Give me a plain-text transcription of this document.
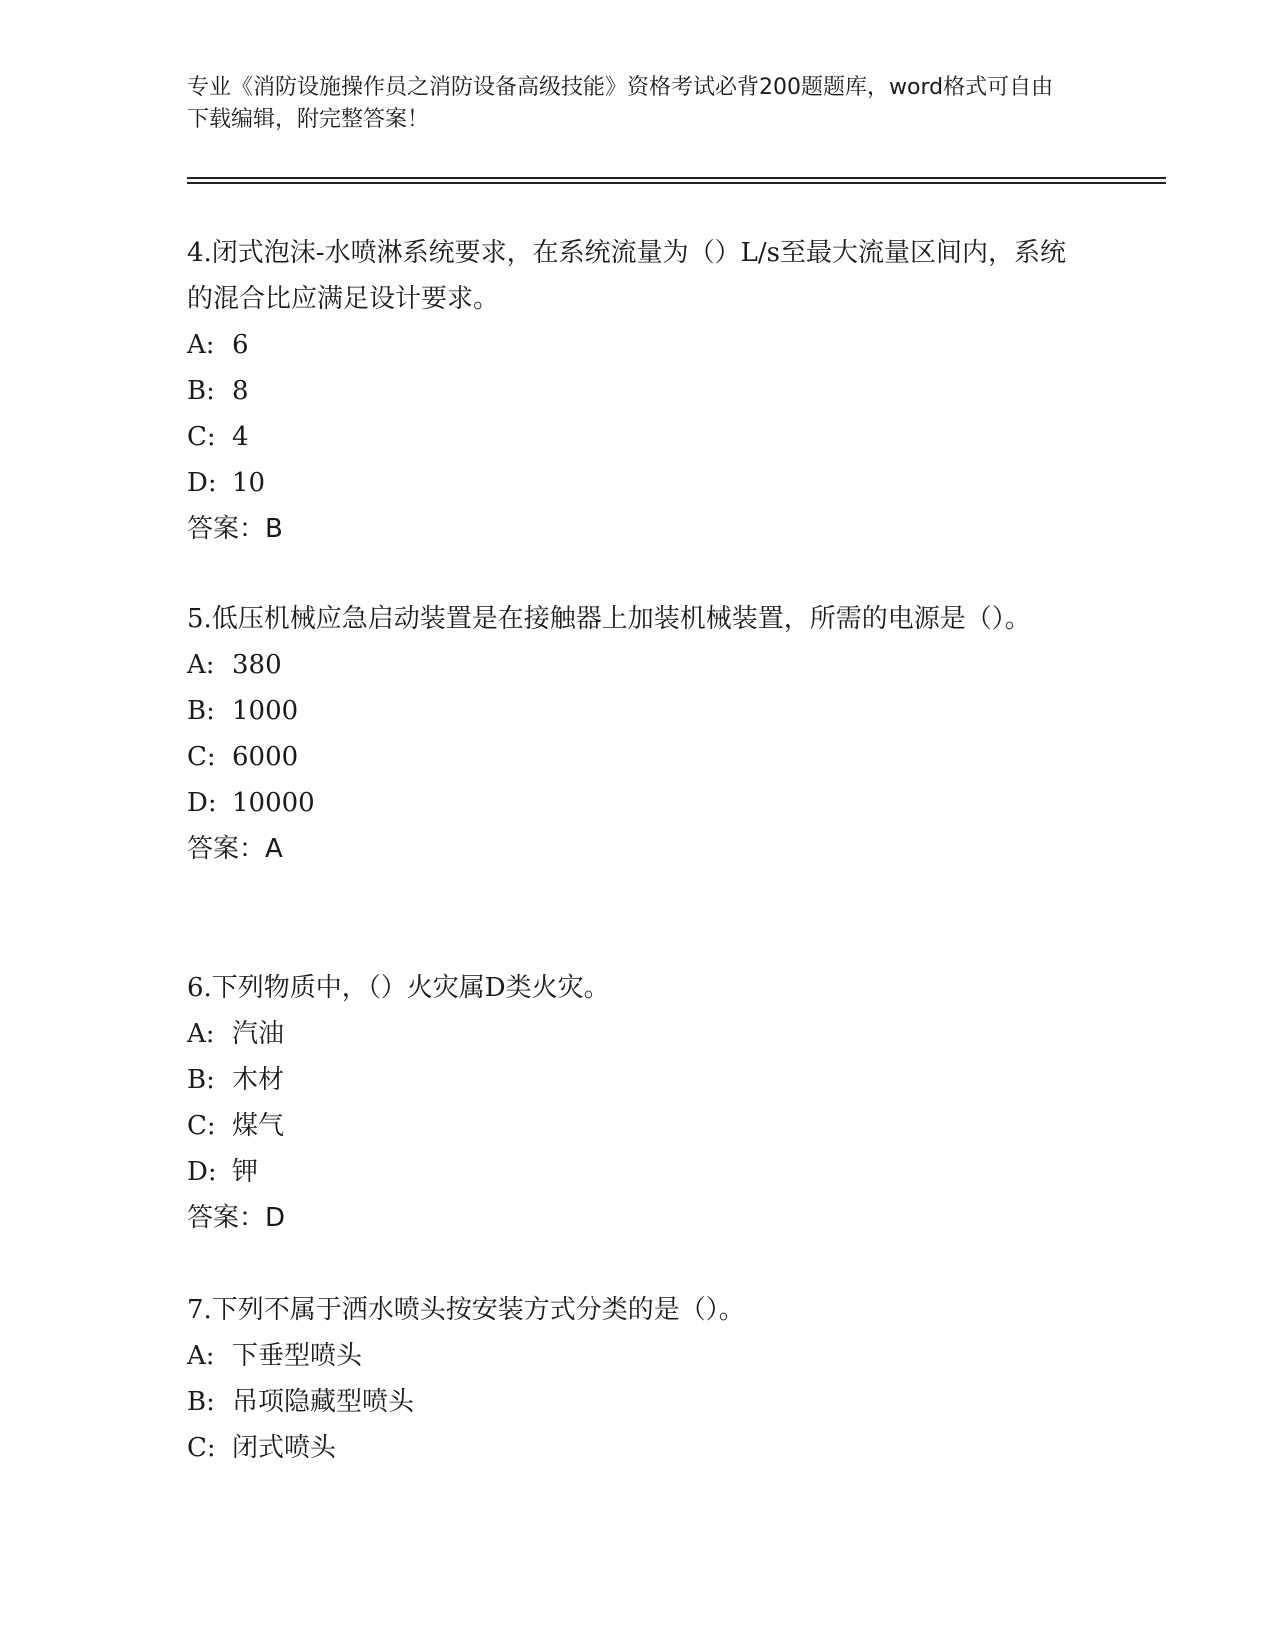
专业《消防设施操作员之消防设备高级技能》资格考试必背200题题库，word格式可自由下载编辑，附完整答案！
4.闭式泡沫-水喷淋系统要求，在系统流量为（）L/s至最大流量区间内，系统的混合比应满足设计要求。
A: 6
B: 8
C: 4
D: 10
答案：B
5.低压机械应急启动装置是在接触器上加装机械装置，所需的电源是（）。
A: 380
B: 1000
C: 6000
D: 10000
答案：A
6.下列物质中，（）火灾属D类火灾。
A: 汽油
B: 木材
C: 煤气
D: 钾
答案：D
7.下列不属于洒水喷头按安装方式分类的是（）。
A: 下垂型喷头
B: 吊项隐藏型喷头
C: 闭式喷头
